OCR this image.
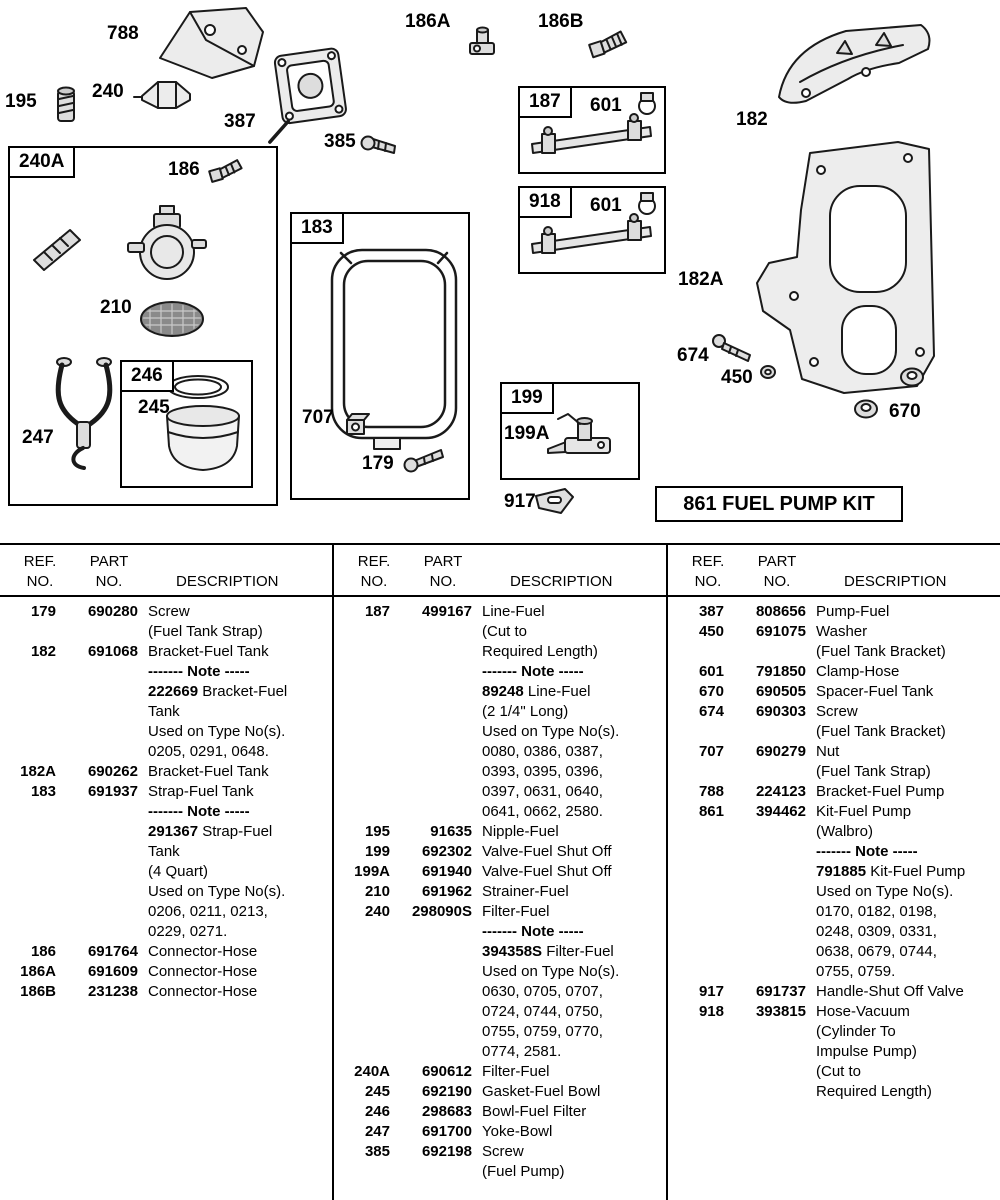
240A
183
187
918
199
246
788
186A	186B
195	240
387
385
182
186
210
182A
674
450
245	670
707
247
179
601
601
199A
917	861 FUEL PUMP KIT
REF.	PART
NO.	NO.	DESCRIPTION
179	690280 Screw
(Fuel Tank Strap)
182	691068 Bracket-Fuel Tank
------- Note -----
222669 Bracket-Fuel
Tank
Used on Type No(s).
0205, 0291, 0648.
182A	690262 Bracket-Fuel Tank
183	691937 Strap-Fuel Tank
------- Note -----
291367 Strap-Fuel
Tank
(4 Quart)
Used on Type No(s).
0206, 0211, 0213,
0229, 0271.
186	691764 Connector-Hose
186A	691609 Connector-Hose
186B	231238 Connector-Hose
REF.	PART
NO.	NO.	DESCRIPTION
187	499167 Line-Fuel
(Cut to
Required Length)
------- Note -----
89248 Line-Fuel
(2 1/4" Long)
Used on Type No(s).
0080, 0386, 0387,
0393, 0395, 0396,
0397, 0631, 0640,
0641, 0662, 2580.
195	91635 Nipple-Fuel
199	692302 Valve-Fuel Shut Off
199A	691940 Valve-Fuel Shut Off
210	691962 Strainer-Fuel
240	298090S Filter-Fuel
------- Note -----
394358S Filter-Fuel
Used on Type No(s).
0630, 0705, 0707,
0724, 0744, 0750,
0755, 0759, 0770,
0774, 2581.
240A	690612 Filter-Fuel
245	692190 Gasket-Fuel Bowl
246	298683 Bowl-Fuel Filter
247	691700 Yoke-Bowl
385	692198 Screw
(Fuel Pump)
REF.	PART
NO.	NO.	DESCRIPTION
387	808656 Pump-Fuel
450	691075 Washer
(Fuel Tank Bracket)
601	791850 Clamp-Hose
670	690505 Spacer-Fuel Tank
674	690303 Screw
(Fuel Tank Bracket)
707	690279 Nut
(Fuel Tank Strap)
788	224123 Bracket-Fuel Pump
861	394462 Kit-Fuel Pump
(Walbro)
------- Note -----
791885 Kit-Fuel Pump
Used on Type No(s).
0170, 0182, 0198,
0248, 0309, 0331,
0638, 0679, 0744,
0755, 0759.
917	691737 Handle-Shut Off Valve
918	393815 Hose-Vacuum
(Cylinder To
Impulse Pump)
(Cut to
Required Length)
